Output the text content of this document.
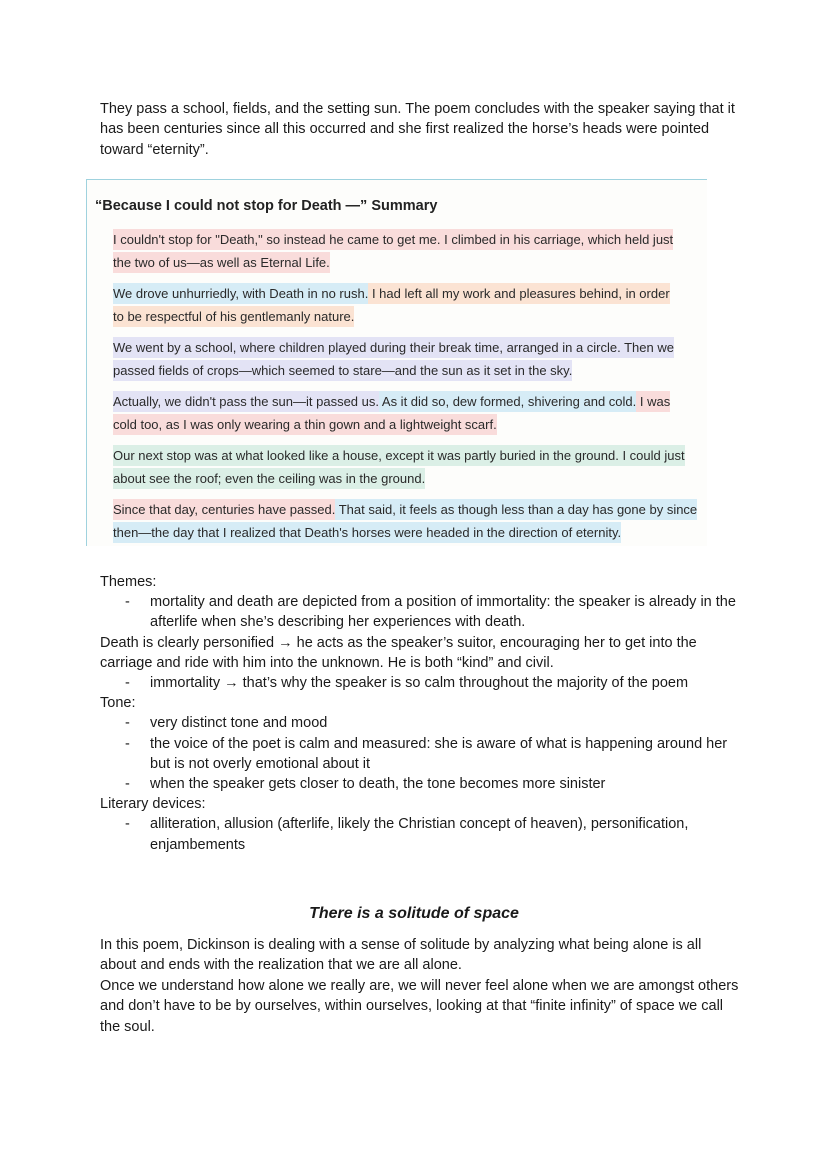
They pass a school, fields, and the setting sun. The poem concludes with the speaker saying that it has been centuries since all this occurred and she first realized the horse’s heads were pointed toward “eternity”.

“Because I could not stop for Death —” Summary
I couldn't stop for "Death," so instead he came to get me. I climbed in his carriage, which held just the two of us—as well as Eternal Life.
We drove unhurriedly, with Death in no rush. I had left all my work and pleasures behind, in order to be respectful of his gentlemanly nature.
We went by a school, where children played during their break time, arranged in a circle. Then we passed fields of crops—which seemed to stare—and the sun as it set in the sky.
Actually, we didn't pass the sun—it passed us. As it did so, dew formed, shivering and cold. I was cold too, as I was only wearing a thin gown and a lightweight scarf.
Our next stop was at what looked like a house, except it was partly buried in the ground. I could just about see the roof; even the ceiling was in the ground.
Since that day, centuries have passed. That said, it feels as though less than a day has gone by since then—the day that I realized that Death's horses were headed in the direction of eternity.

Themes:

- mortality and death are depicted from a position of immortality: the speaker is already in the afterlife when she’s describing her experiences with death.

Death is clearly personified → he acts as the speaker’s suitor, encouraging her to get into the carriage and ride with him into the unknown. He is both “kind” and civil.

- immortality → that’s why the speaker is so calm throughout the majority of the poem

Tone:

- very distinct tone and mood

- the voice of the poet is calm and measured: she is aware of what is happening around her but is not overly emotional about it

- when the speaker gets closer to death, the tone becomes more sinister

Literary devices:

- alliteration, allusion (afterlife, likely the Christian concept of heaven), personification, enjambements

There is a solitude of space

In this poem, Dickinson is dealing with a sense of solitude by analyzing what being alone is all about and ends with the realization that we are all alone.

Once we understand how alone we really are, we will never feel alone when we are amongst others and don’t have to be by ourselves, within ourselves, looking at that “finite infinity” of space we call the soul.
